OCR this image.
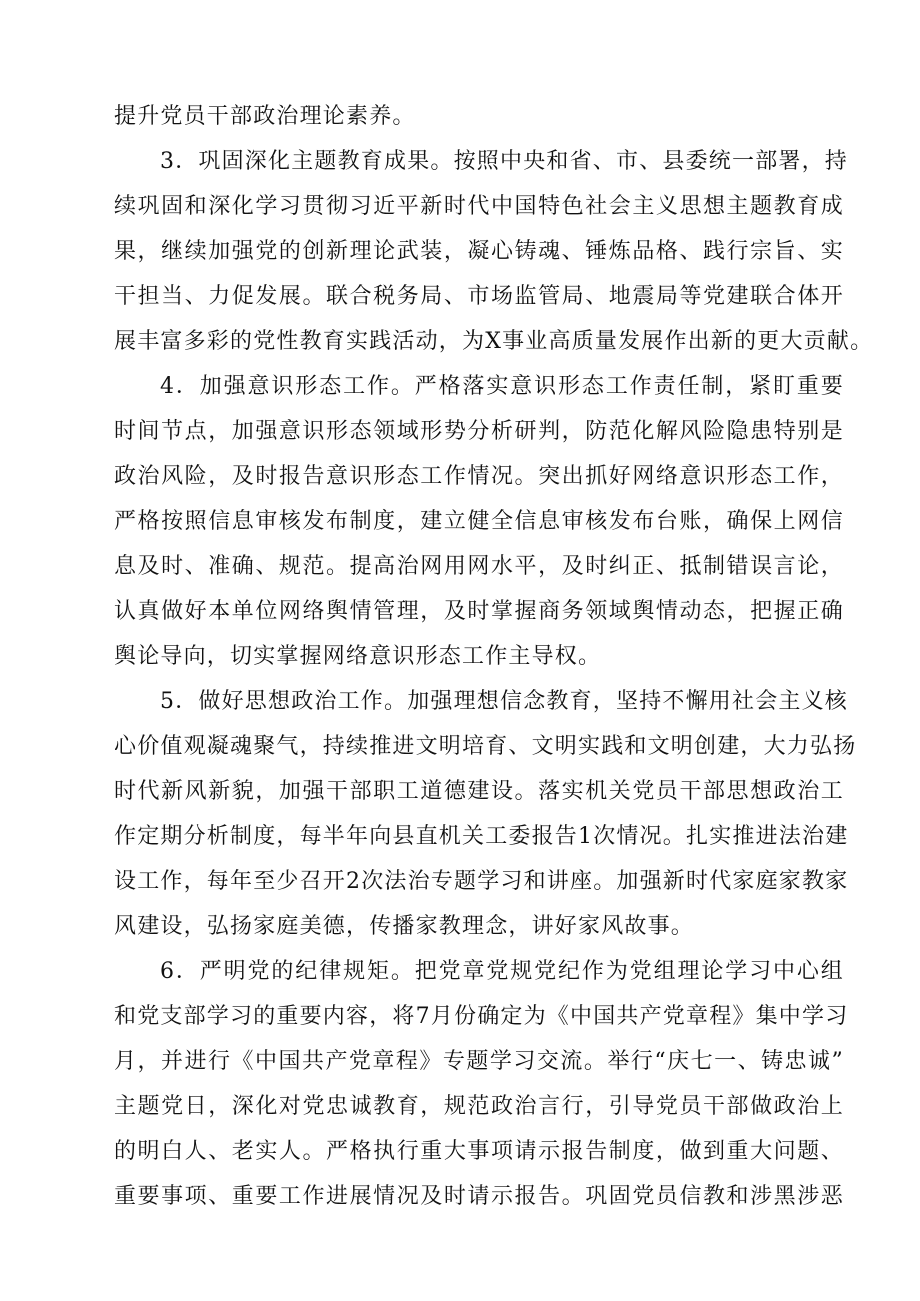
提升党员干部政治理论素养。
3．巩固深化主题教育成果。按照中央和省、市、县委统一部署，持
续巩固和深化学习贯彻习近平新时代中国特色社会主义思想主题教育成
果，继续加强党的创新理论武装，凝心铸魂、锤炼品格、践行宗旨、实
干担当、力促发展。联合税务局、市场监管局、地震局等党建联合体开
展丰富多彩的党性教育实践活动，为X事业高质量发展作出新的更大贡献。
4．加强意识形态工作。严格落实意识形态工作责任制，紧盯重要
时间节点，加强意识形态领域形势分析研判，防范化解风险隐患特别是
政治风险，及时报告意识形态工作情况。突出抓好网络意识形态工作，
严格按照信息审核发布制度，建立健全信息审核发布台账，确保上网信
息及时、准确、规范。提高治网用网水平，及时纠正、抵制错误言论，
认真做好本单位网络舆情管理，及时掌握商务领域舆情动态，把握正确
舆论导向，切实掌握网络意识形态工作主导权。
5．做好思想政治工作。加强理想信念教育，坚持不懈用社会主义核
心价值观凝魂聚气，持续推进文明培育、文明实践和文明创建，大力弘扬
时代新风新貌，加强干部职工道德建设。落实机关党员干部思想政治工
作定期分析制度，每半年向县直机关工委报告1次情况。扎实推进法治建
设工作，每年至少召开2次法治专题学习和讲座。加强新时代家庭家教家
风建设，弘扬家庭美德，传播家教理念，讲好家风故事。
6．严明党的纪律规矩。把党章党规党纪作为党组理论学习中心组
和党支部学习的重要内容，将7月份确定为《中国共产党章程》集中学习
月，并进行《中国共产党章程》专题学习交流。举行“庆七一、铸忠诚”
主题党日，深化对党忠诚教育，规范政治言行，引导党员干部做政治上
的明白人、老实人。严格执行重大事项请示报告制度，做到重大问题、
重要事项、重要工作进展情况及时请示报告。巩固党员信教和涉黑涉恶
